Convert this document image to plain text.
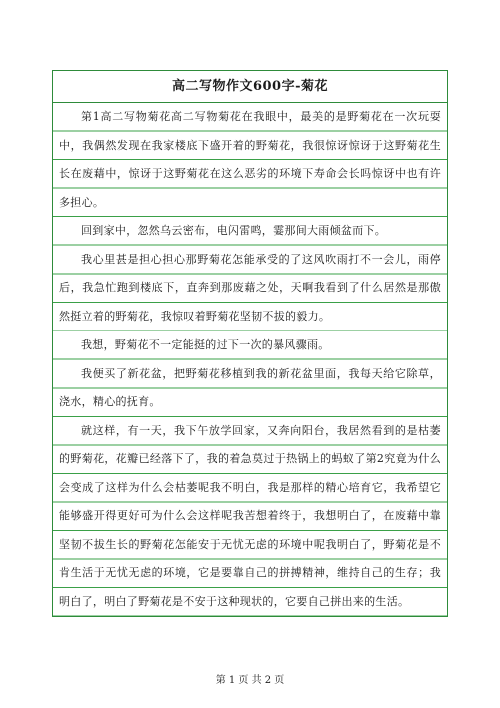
高二写物作文600字-菊花
第1高二写物菊花高二写物菊花在我眼中，最美的是野菊花在一次玩耍中，我偶然发现在我家楼底下盛开着的野菊花，我很惊讶惊讶于这野菊花生长在废藉中，惊讶于这野菊花在这么恶劣的环境下寿命会长吗惊讶中也有许多担心。
回到家中，忽然乌云密布，电闪雷鸣，霎那间大雨倾盆而下。
我心里甚是担心担心那野菊花怎能承受的了这风吹雨打不一会儿，雨停后，我急忙跑到楼底下，直奔到那废藉之处，天啊我看到了什么居然是那傲然挺立着的野菊花，我惊叹着野菊花坚韧不拔的毅力。
我想，野菊花不一定能挺的过下一次的暴风骤雨。
我便买了新花盆，把野菊花移植到我的新花盆里面，我每天给它除草，浇水，精心的抚育。
就这样，有一天，我下午放学回家，又奔向阳台，我居然看到的是枯萎的野菊花，花瓣已经落下了，我的着急莫过于热锅上的蚂蚁了第2究竟为什么会变成了这样为什么会枯萎呢我不明白，我是那样的精心培育它，我希望它能够盛开得更好可为什么会这样呢我苦想着终于，我想明白了，在废藉中靠坚韧不拔生长的野菊花怎能安于无忧无虑的环境中呢我明白了，野菊花是不肯生活于无忧无虑的环境，它是要靠自己的拼搏精神，维持自己的生存；我明白了，明白了野菊花是不安于这种现状的，它要自己拼出来的生活。
第 1 页 共 2 页
